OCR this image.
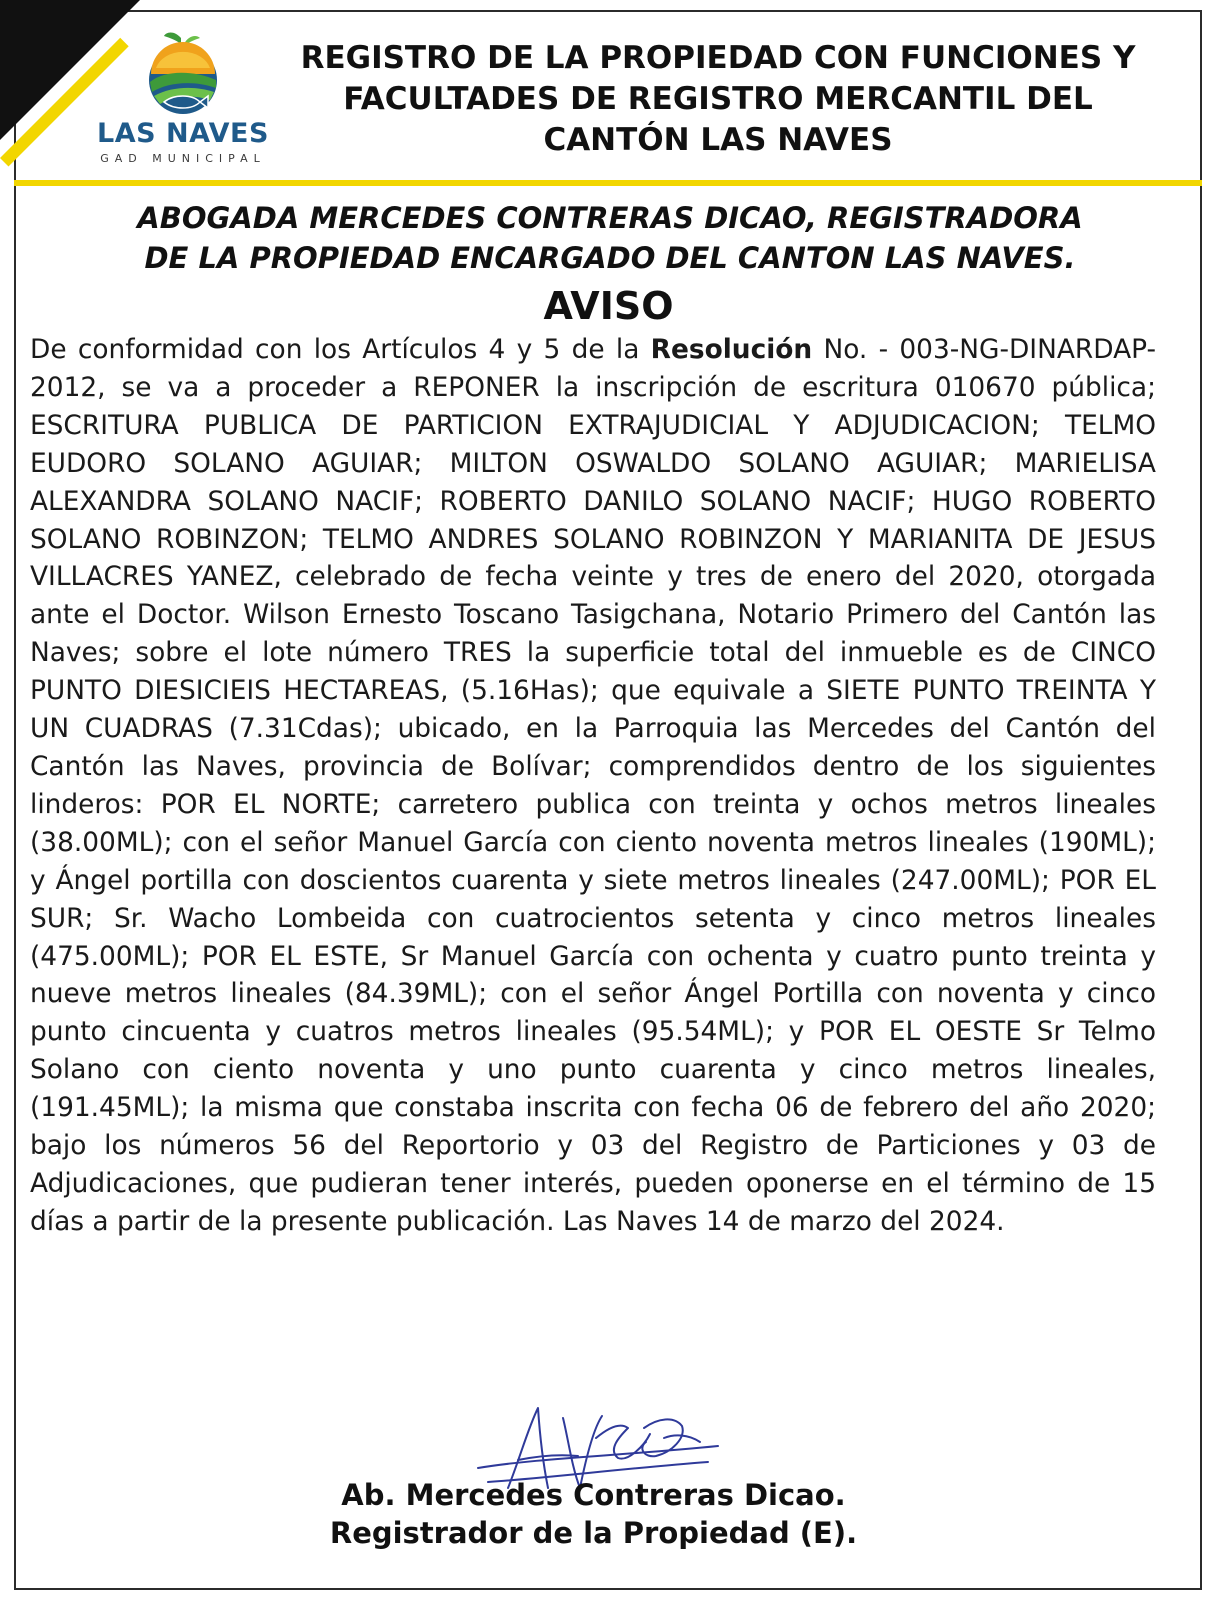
LAS NAVES
GAD MUNICIPAL
REGISTRO DE LA PROPIEDAD CON FUNCIONES Y
FACULTADES DE REGISTRO MERCANTIL DEL
CANTÓN LAS NAVES
ABOGADA MERCEDES CONTRERAS DICAO, REGISTRADORA
DE LA PROPIEDAD ENCARGADO DEL CANTON LAS NAVES.
AVISO

De conformidad con los Artículos 4 y 5 de la Resolución No. - 003-NG-DINARDAP-2012, se va a proceder a REPONER la inscripción de escritura 010670 pública; ESCRITURA PUBLICA DE PARTICION EXTRAJUDICIAL Y ADJUDICACION; TELMO EUDORO SOLANO AGUIAR; MILTON OSWALDO SOLANO AGUIAR; MARIELISA ALEXANDRA SOLANO NACIF; ROBERTO DANILO SOLANO NACIF; HUGO ROBERTO SOLANO ROBINZON; TELMO ANDRES SOLANO ROBINZON Y MARIANITA DE JESUS VILLACRES YANEZ, celebrado de fecha veinte y tres de enero del 2020, otorgada ante el Doctor. Wilson Ernesto Toscano Tasigchana, Notario Primero del Cantón las Naves; sobre el lote número TRES la superficie total del inmueble es de CINCO PUNTO DIESICIEIS HECTAREAS, (5.16Has); que equivale a SIETE PUNTO TREINTA Y UN CUADRAS (7.31Cdas); ubicado, en la Parroquia las Mercedes del Cantón del Cantón las Naves, provincia de Bolívar; comprendidos dentro de los siguientes linderos: POR EL NORTE; carretero publica con treinta y ochos metros lineales (38.00ML); con el señor Manuel García con ciento noventa metros lineales (190ML); y Ángel portilla con doscientos cuarenta y siete metros lineales (247.00ML); POR EL SUR; Sr. Wacho Lombeida con cuatrocientos setenta y cinco metros lineales (475.00ML); POR EL ESTE, Sr Manuel García con ochenta y cuatro punto treinta y nueve metros lineales (84.39ML); con el señor Ángel Portilla con noventa y cinco punto cincuenta y cuatros metros lineales (95.54ML); y POR EL OESTE Sr Telmo Solano con ciento noventa y uno punto cuarenta y cinco metros lineales, (191.45ML); la misma que constaba inscrita con fecha 06 de febrero del año 2020; bajo los números 56 del Reportorio y 03 del Registro de Particiones y 03 de Adjudicaciones, que pudieran tener interés, pueden oponerse en el término de 15 días a partir de la presente publicación. Las Naves 14 de marzo del 2024.

Ab. Mercedes Contreras Dicao.
Registrador de la Propiedad (E).
